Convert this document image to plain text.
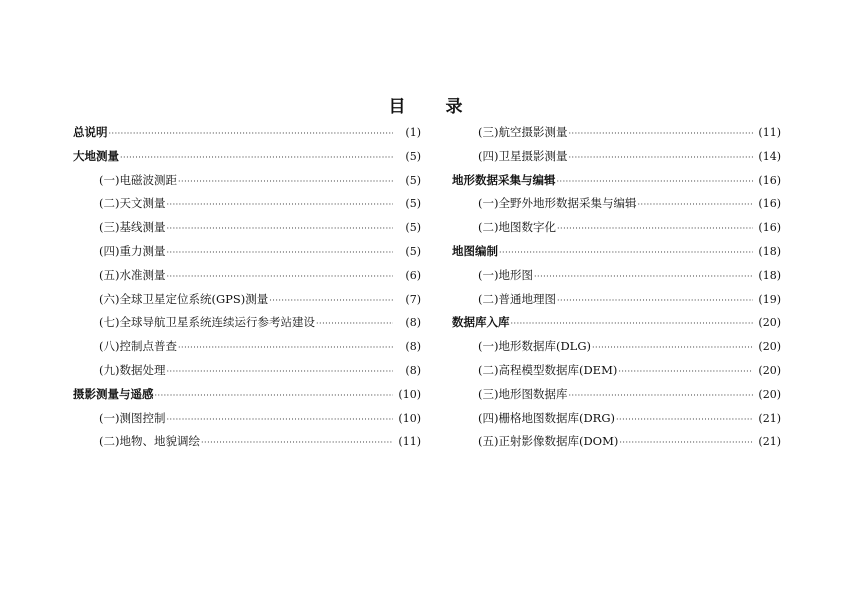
目　　录
总说明 ·····	(1)
大地测量 ·····	(5)
(一)电磁波测距 ·····	(5)
(二)天文测量 ·····	(5)
(三)基线测量 ·····	(5)
(四)重力测量 ·····	(5)
(五)水准测量 ·····	(6)
(六)全球卫星定位系统(GPS)测量 ·····	(7)
(七)全球导航卫星系统连续运行参考站建设 ·····	(8)
(八)控制点普查 ·····	(8)
(九)数据处理 ·····	(8)
摄影测量与遥感 ·····	(10)
(一)测图控制 ·····	(10)
(二)地物、地貌调绘 ·····	(11)
(三)航空摄影测量 ·····	(11)
(四)卫星摄影测量 ·····	(14)
地形数据采集与编辑 ·····	(16)
(一)全野外地形数据采集与编辑 ·····	(16)
(二)地图数字化 ·····	(16)
地图编制 ·····	(18)
(一)地形图 ·····	(18)
(二)普通地理图 ·····	(19)
数据库入库 ·····	(20)
(一)地形数据库(DLG) ·····	(20)
(二)高程模型数据库(DEM) ·····	(20)
(三)地形图数据库 ·····	(20)
(四)栅格地图数据库(DRG) ·····	(21)
(五)正射影像数据库(DOM) ·····	(21)
